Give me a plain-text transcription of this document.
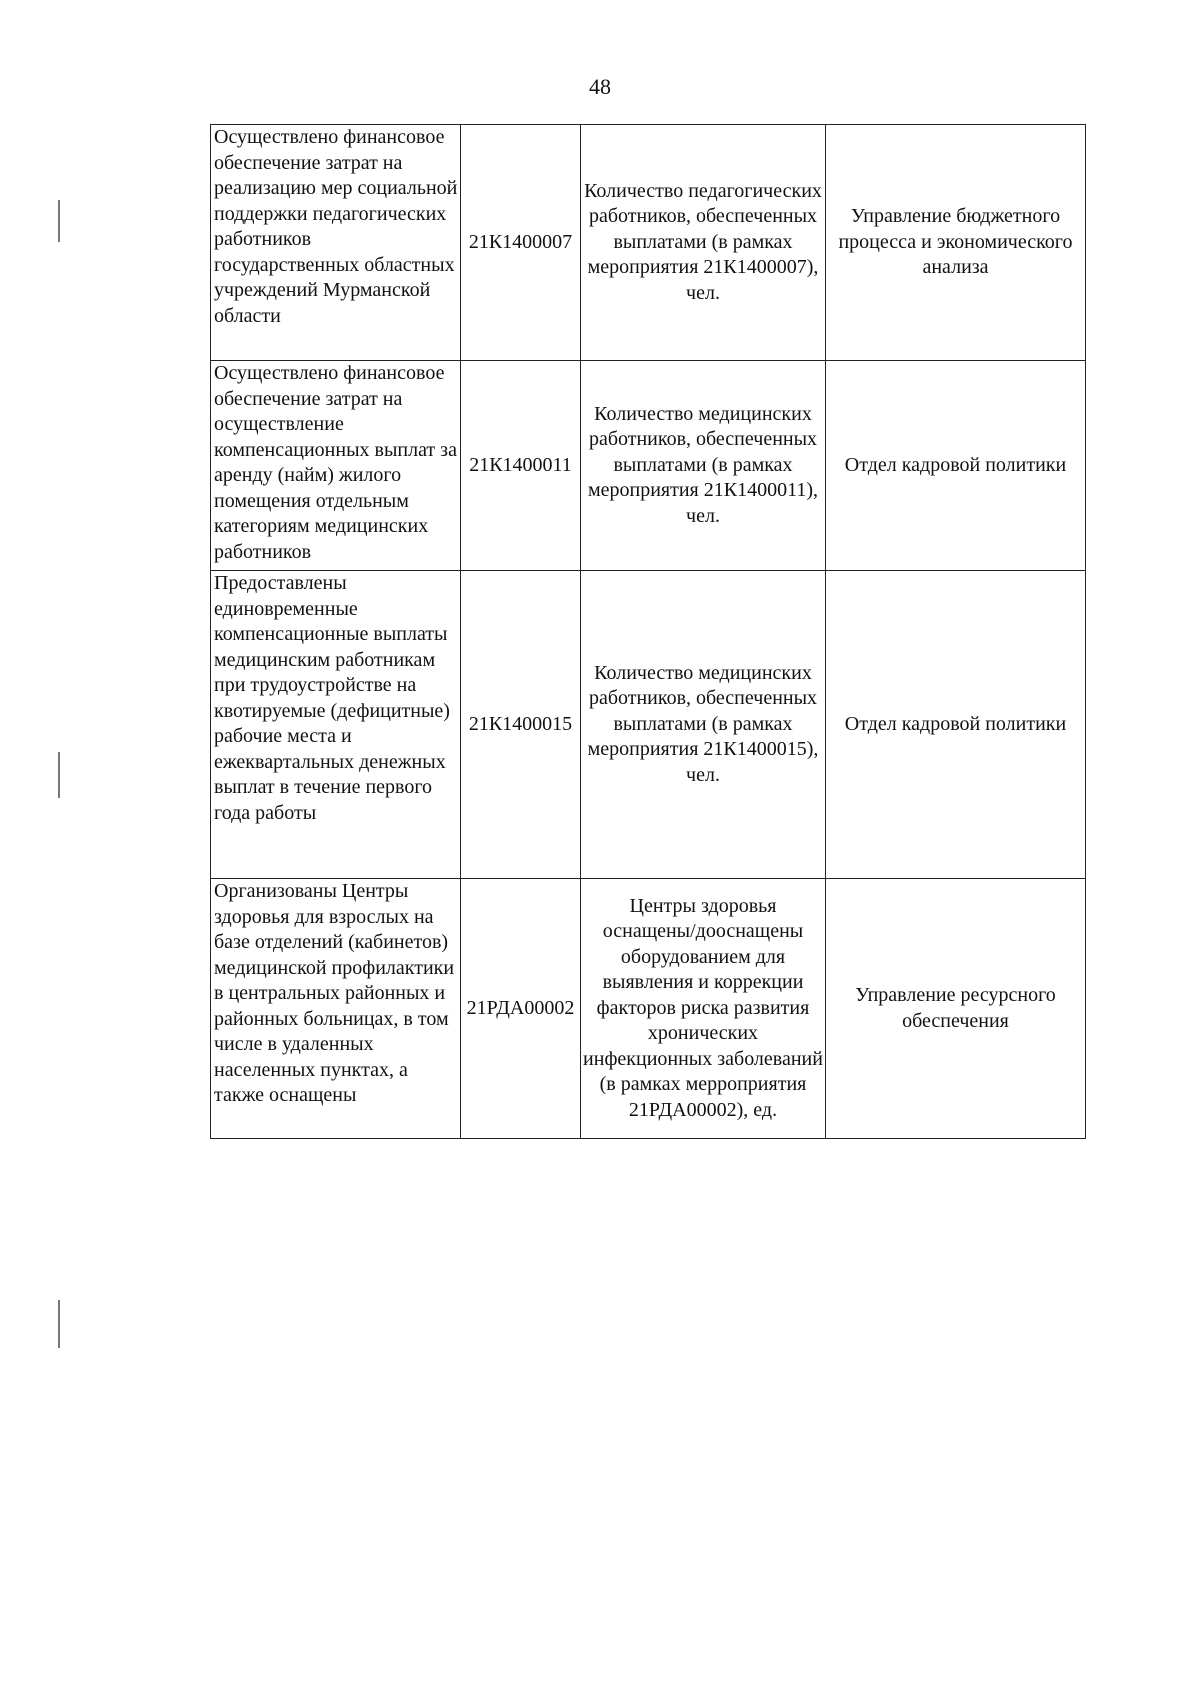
48
Осуществлено финансовое обеспечение затрат на реализацию мер социальной поддержки педагогических работников государственных областных учреждений Мурманской области	21К1400007	Количество педагогических работников, обеспеченных выплатами (в рамках мероприятия 21К1400007), чел.	Управление бюджетного процесса и экономического анализа
Осуществлено финансовое обеспечение затрат на осуществление компенсационных выплат за аренду (найм) жилого помещения отдельным категориям медицинских работников	21К1400011	Количество медицинских работников, обеспеченных выплатами (в рамках мероприятия 21К1400011), чел.	Отдел кадровой политики
Предоставлены единовременные компенсационные выплаты медицинским работникам при трудоустройстве на квотируемые (дефицитные) рабочие места и ежеквартальных денежных выплат в течение первого года работы	21К1400015	Количество медицинских работников, обеспеченных выплатами (в рамках мероприятия 21К1400015), чел.	Отдел кадровой политики
Организованы Центры здоровья для взрослых на базе отделений (кабинетов) медицинской профилактики в центральных районных и районных больницах, в том числе в удаленных населенных пунктах, а также оснащены	21РДА00002	Центры здоровья оснащены/дооснащены оборудованием для выявления и коррекции факторов риска развития хронических инфекционных заболеваний (в рамках мерроприятия 21РДА00002), ед.	Управление ресурсного обеспечения
